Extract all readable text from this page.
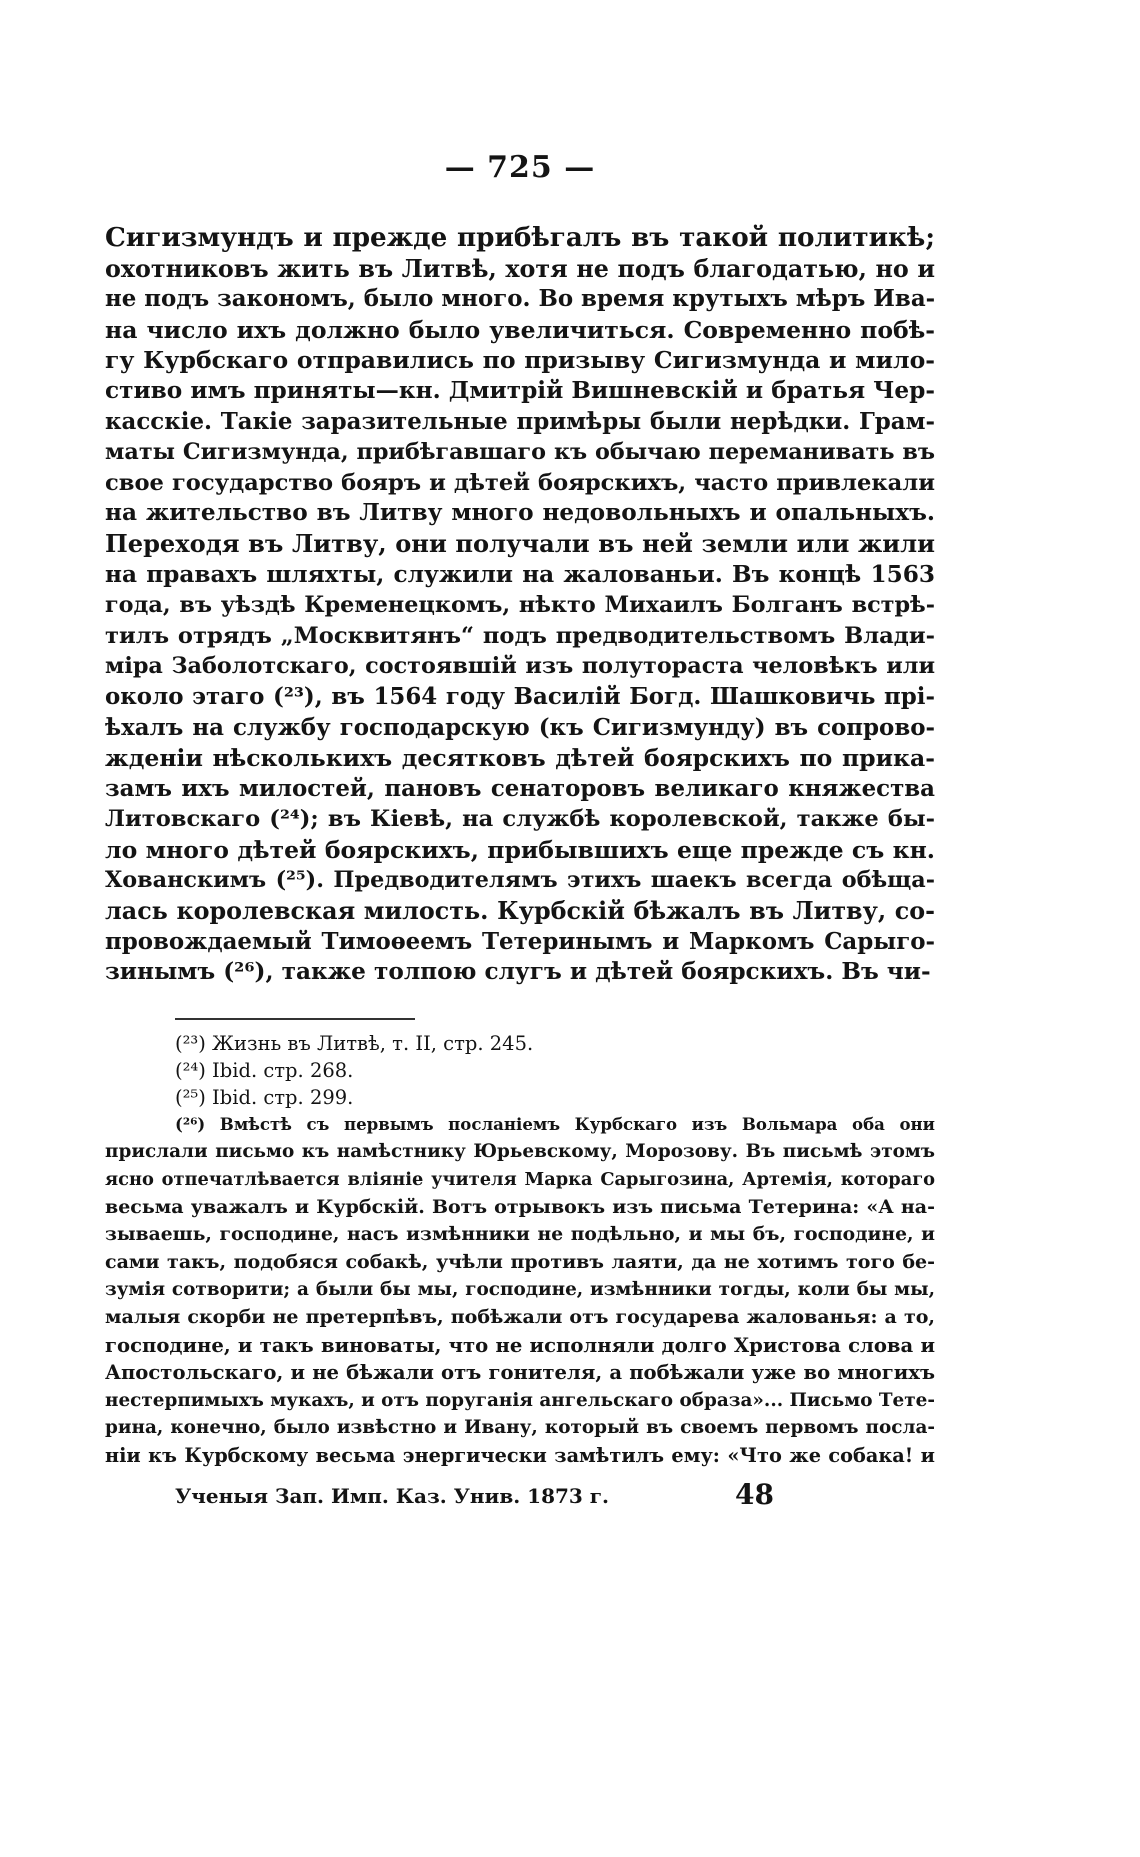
— 725 —

Сигизмундъ и прежде прибѣгалъ въ такой политикѣ;

охотниковъ жить въ Литвѣ, хотя не подъ благодатью, но и

не подъ закономъ, было много. Во время крутыхъ мѣръ Ива-

на число ихъ должно было увеличиться. Современно побѣ-

гу Курбскаго отправились по призыву Сигизмунда и мило-

стиво имъ приняты—кн. Дмитрій Вишневскій и братья Чер-

касскіе. Такіе заразительные примѣры были нерѣдки. Грам-

маты Сигизмунда, прибѣгавшаго къ обычаю переманивать въ

свое государство бояръ и дѣтей боярскихъ, часто привлекали

на жительство въ Литву много недовольныхъ и опальныхъ.

Переходя въ Литву, они получали въ ней земли или жили

на правахъ шляхты, служили на жалованьи. Въ концѣ 1563

года, въ уѣздѣ Кременецкомъ, нѣкто Михаилъ Болганъ встрѣ-

тилъ отрядъ „Москвитянъ“ подъ предводительствомъ Влади-

міра Заболотскаго, состоявшій изъ полутораста человѣкъ или

около этаго (²³), въ 1564 году Василій Богд. Шашковичь прі-

ѣхалъ на службу господарскую (къ Сигизмунду) въ сопрово-

жденіи нѣсколькихъ десятковъ дѣтей боярскихъ по прика-

замъ ихъ милостей, пановъ сенаторовъ великаго княжества

Литовскаго (²⁴); въ Кіевѣ, на службѣ королевской, также бы-

ло много дѣтей боярскихъ, прибывшихъ еще прежде съ кн.

Хованскимъ (²⁵). Предводителямъ этихъ шаекъ всегда обѣща-

лась королевская милость. Курбскій бѣжалъ въ Литву, со-

провождаемый Тимоѳеемъ Тетеринымъ и Маркомъ Сарыго-

зинымъ (²⁶), также толпою слугъ и дѣтей боярскихъ. Въ чи-

(²³) Жизнь въ Литвѣ, т. II, стр. 245.

(²⁴) Ibid. стр. 268.

(²⁵) Ibid. стр. 299.

(²⁶) Вмѣстѣ съ первымъ посланіемъ Курбскаго изъ Вольмара оба они

прислали письмо къ намѣстнику Юрьевскому, Морозову. Въ письмѣ этомъ

ясно отпечатлѣвается вліяніе учителя Марка Сарыгозина, Артемія, котораго

весьма уважалъ и Курбскій. Вотъ отрывокъ изъ письма Тетерина: «А на-

зываешь, господине, насъ измѣнники не подѣльно, и мы бъ, господине, и

сами такъ, подобяся собакѣ, учѣли противъ лаяти, да не хотимъ того бе-

зумія сотворити; а были бы мы, господине, измѣнники тогды, коли бы мы,

малыя скорби не претерпѣвъ, побѣжали отъ государева жалованья: а то,

господине, и такъ виноваты, что не исполняли долго Христова слова и

Апостольскаго, и не бѣжали отъ гонителя, а побѣжали уже во многихъ

нестерпимыхъ мукахъ, и отъ поруганія ангельскаго образа»... Письмо Тете-

рина, конечно, было извѣстно и Ивану, который въ своемъ первомъ посла-

ніи къ Курбскому весьма энергически замѣтилъ ему: «Что же собака! и

Ученыя Зап. Имп. Каз. Унив. 1873 г.	48
